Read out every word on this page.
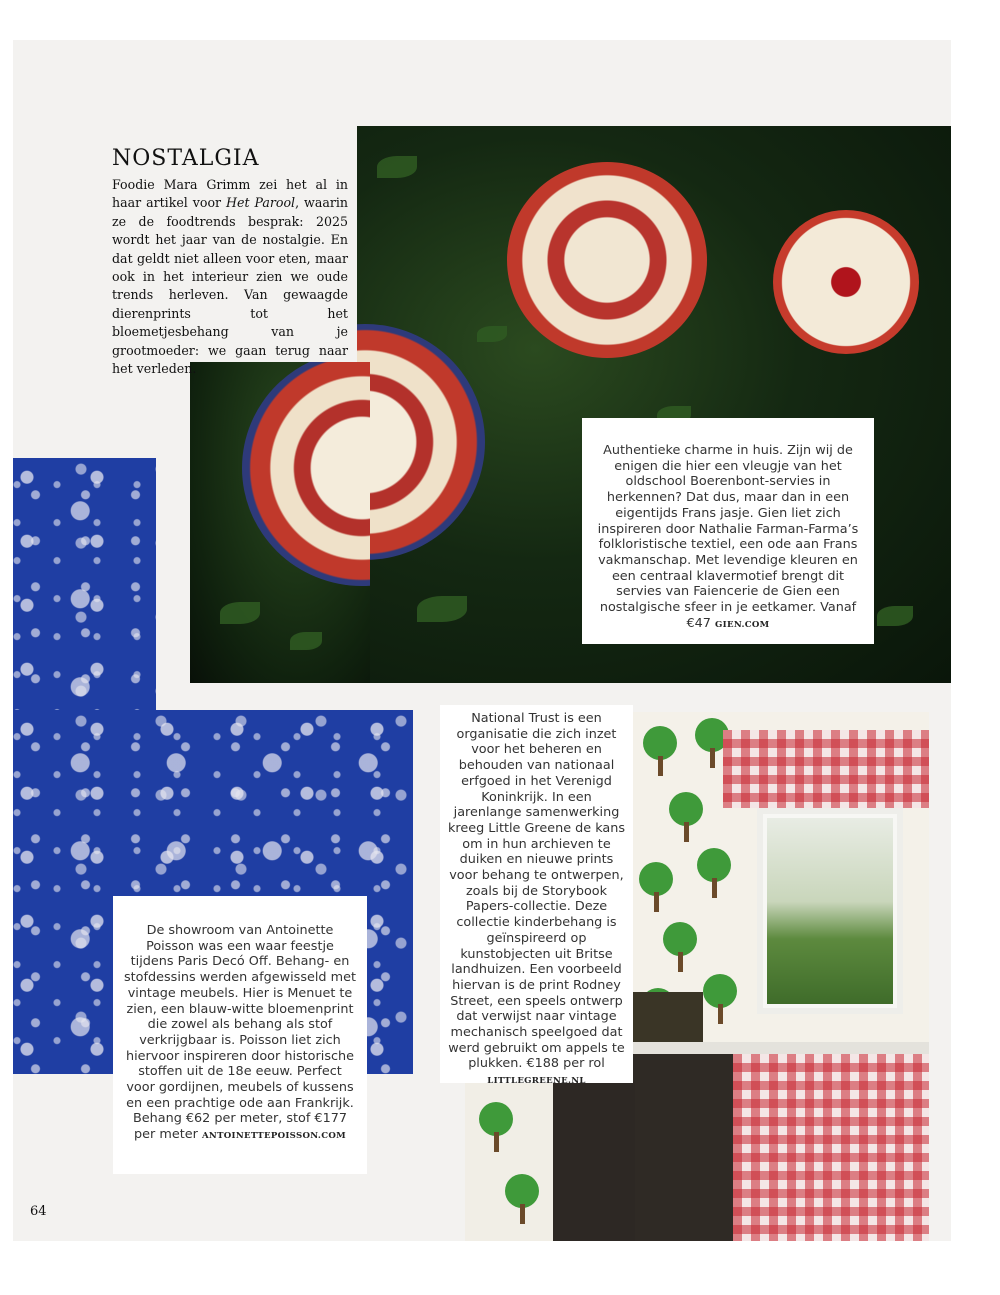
NOSTALGIA

Foodie Mara Grimm zei het al in haar artikel voor Het Parool, waarin ze de foodtrends besprak: 2025 wordt het jaar van de nostalgie. En dat geldt niet alleen voor eten, maar ook in het interieur zien we oude trends herleven. Van gewaagde dierenprints tot het bloemetjesbehang van je grootmoeder: we gaan terug naar het verleden.

Authentieke charme in huis. Zijn wij de enigen die hier een vleugje van het oldschool Boerenbont-servies in herkennen? Dat dus, maar dan in een eigentijds Frans jasje. Gien liet zich inspireren door Nathalie Farman-Farma’s folkloristische textiel, een ode aan Frans vakmanschap. Met levendige kleuren en een centraal klavermotief brengt dit servies van Faiencerie de Gien een nostalgische sfeer in je eetkamer. Vanaf €47 GIEN.COM

National Trust is een organisatie die zich inzet voor het beheren en behouden van nationaal erfgoed in het Verenigd Koninkrijk. In een jarenlange samenwerking kreeg Little Greene de kans om in hun archieven te duiken en nieuwe prints voor behang te ontwerpen, zoals bij de Storybook Papers-collectie. Deze collectie kinderbehang is geïnspireerd op kunstobjecten uit Britse landhuizen. Een voorbeeld hiervan is de print Rodney Street, een speels ontwerp dat verwijst naar vintage mechanisch speelgoed dat werd gebruikt om appels te plukken. €188 per rol LITTLEGREENE.NL

De showroom van Antoinette Poisson was een waar feestje tijdens Paris Decó Off. Behang- en stofdessins werden afgewisseld met vintage meubels. Hier is Menuet te zien, een blauw-witte bloemenprint die zowel als behang als stof verkrijgbaar is. Poisson liet zich hiervoor inspireren door historische stoffen uit de 18e eeuw. Perfect voor gordijnen, meubels of kussens en een prachtige ode aan Frankrijk. Behang €62 per meter, stof €177 per meter ANTOINETTEPOISSON.COM

64
